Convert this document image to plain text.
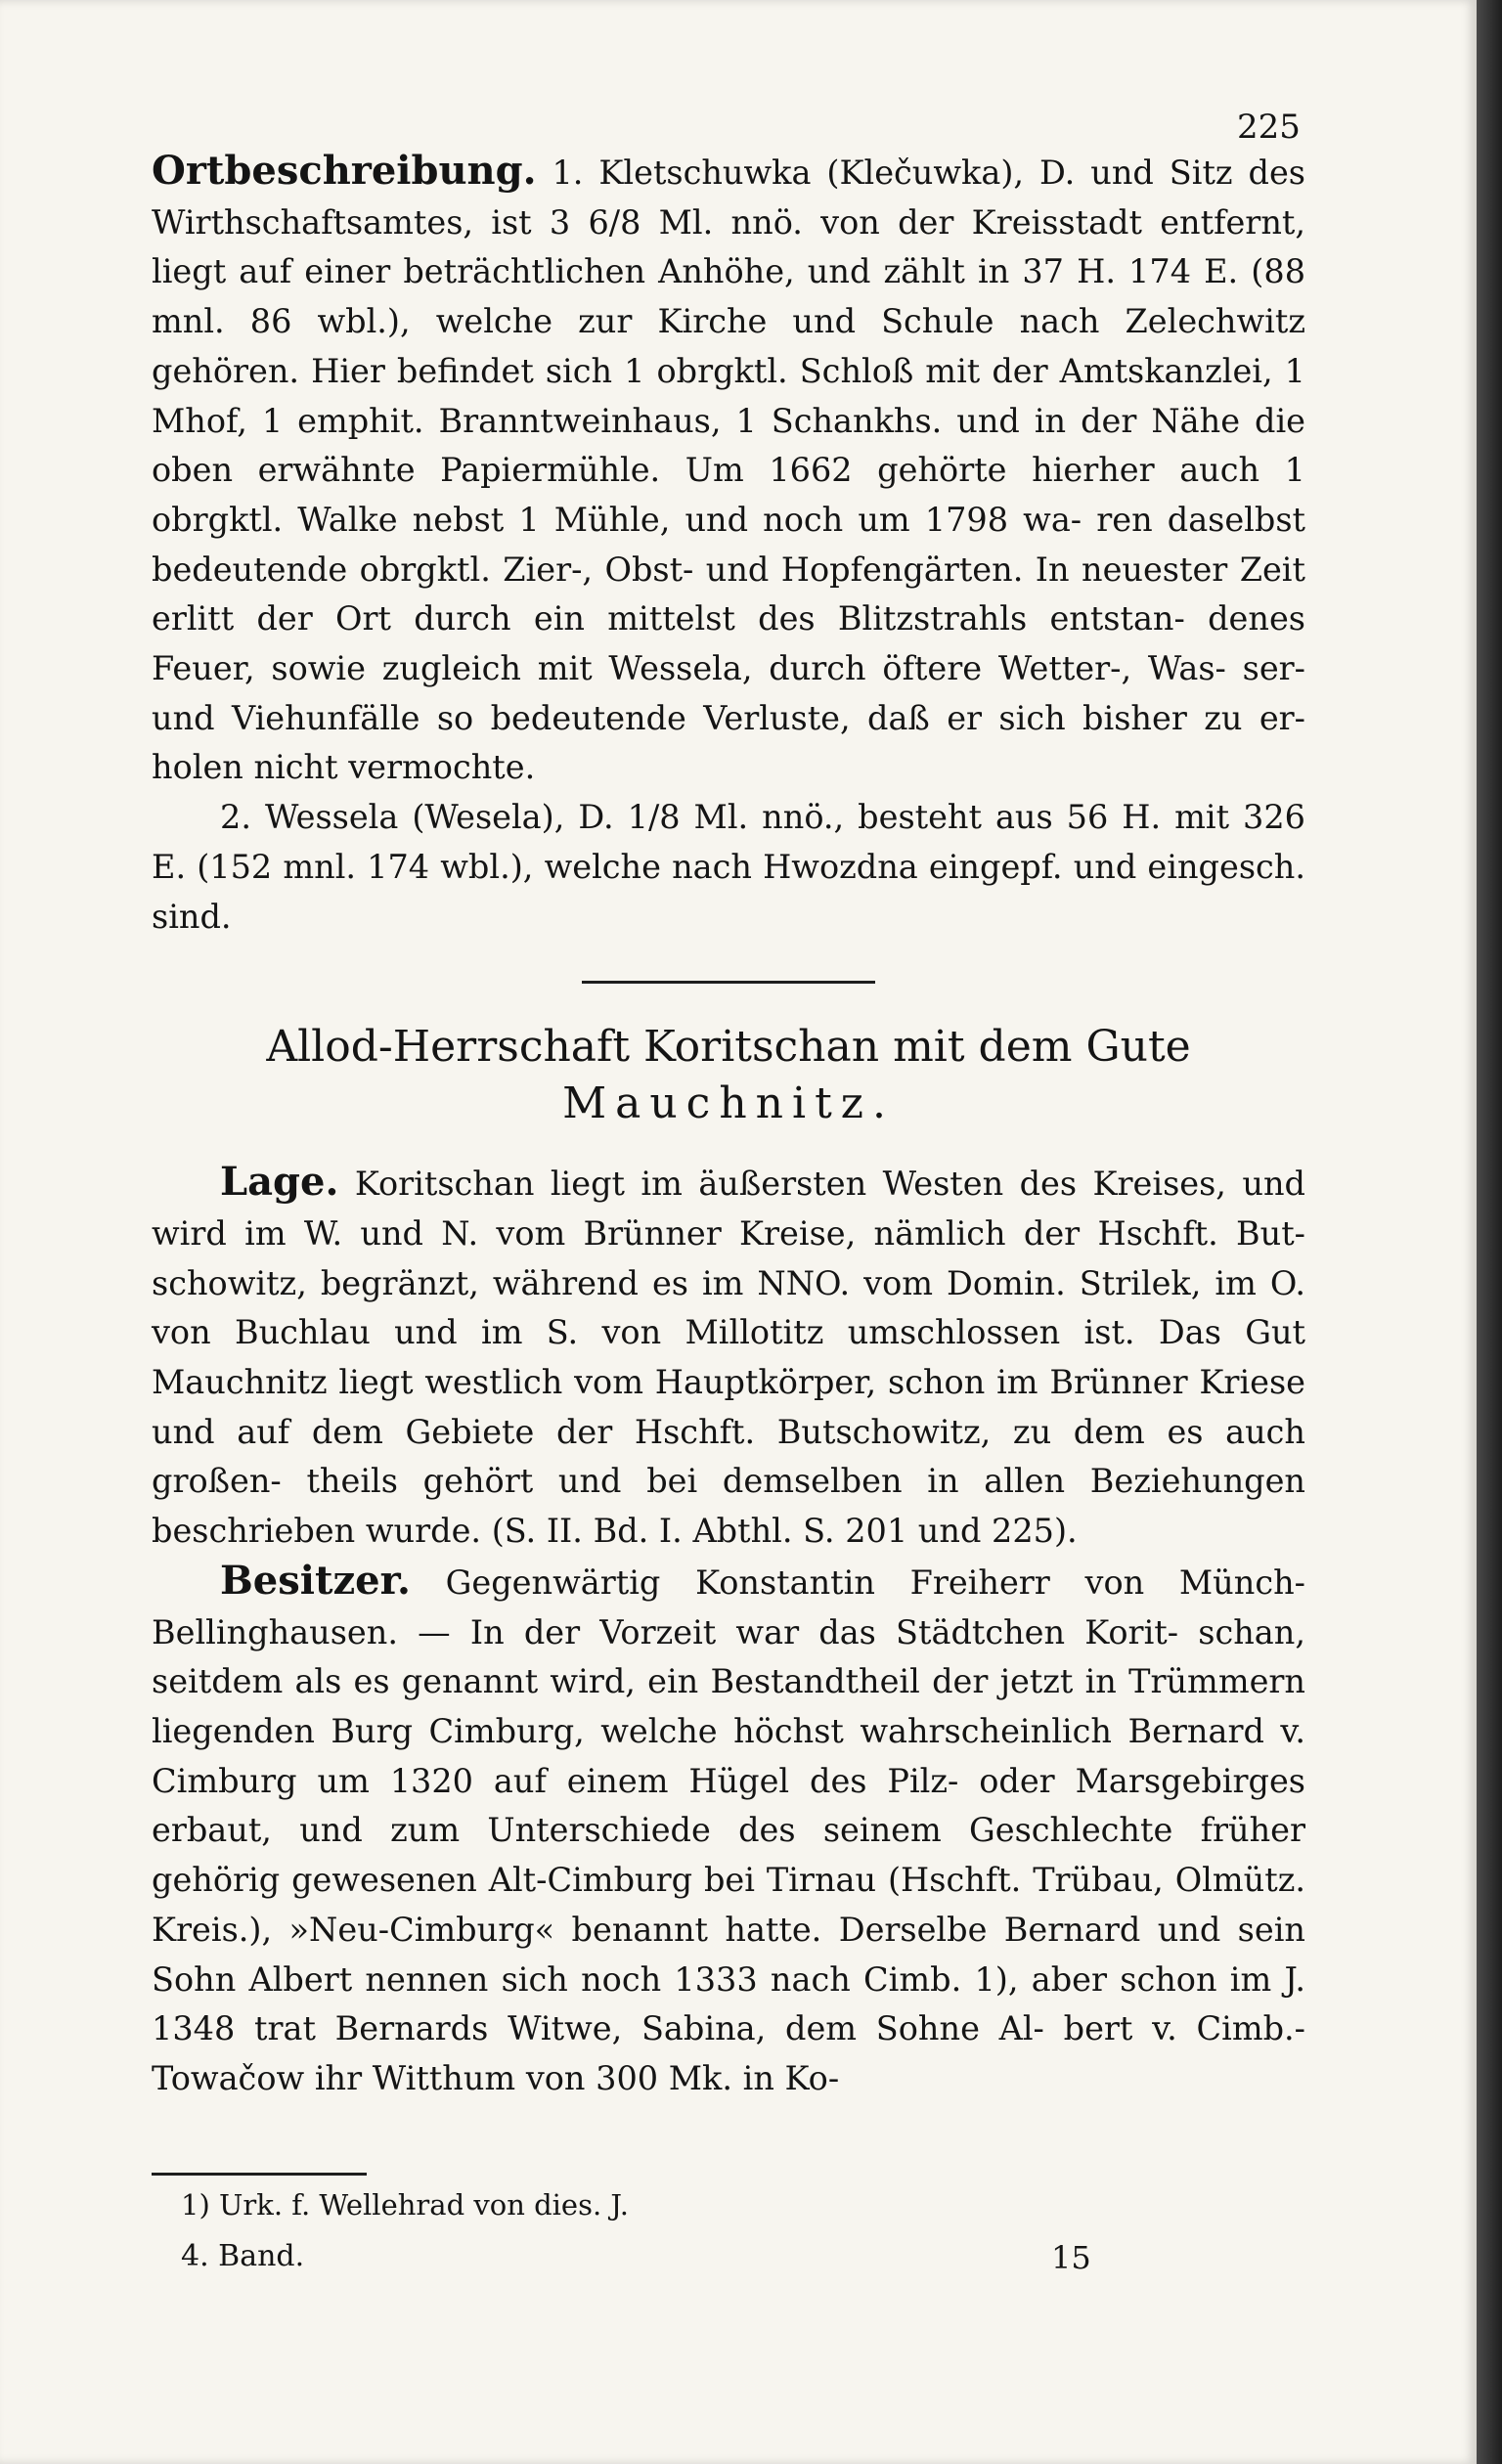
225

Ortbeschreibung. 1. Kletschuwka (Klečuwka), D. und Sitz des Wirthschaftsamtes, ist 3 6/8 Ml. nnö. von der Kreisstadt entfernt, liegt auf einer beträchtlichen Anhöhe, und zählt in 37 H. 174 E. (88 mnl. 86 wbl.), welche zur Kirche und Schule nach Zelechwitz gehören. Hier befindet sich 1 obrgktl. Schloß mit der Amtskanzlei, 1 Mhof, 1 emphit. Branntweinhaus, 1 Schankhs. und in der Nähe die oben erwähnte Papiermühle. Um 1662 gehörte hierher auch 1 obrgktl. Walke nebst 1 Mühle, und noch um 1798 wa- ren daselbst bedeutende obrgktl. Zier-, Obst- und Hopfengärten. In neuester Zeit erlitt der Ort durch ein mittelst des Blitzstrahls entstan- denes Feuer, sowie zugleich mit Wessela, durch öftere Wetter-, Was- ser- und Viehunfälle so bedeutende Verluste, daß er sich bisher zu er- holen nicht vermochte.

2. Wessela (Wesela), D. 1/8 Ml. nnö., besteht aus 56 H. mit 326 E. (152 mnl. 174 wbl.), welche nach Hwozdna eingepf. und eingesch. sind.

Allod-Herrschaft Koritschan mit dem Gute
Mauchnitz.

Lage. Koritschan liegt im äußersten Westen des Kreises, und wird im W. und N. vom Brünner Kreise, nämlich der Hschft. But- schowitz, begränzt, während es im NNO. vom Domin. Strilek, im O. von Buchlau und im S. von Millotitz umschlossen ist. Das Gut Mauchnitz liegt westlich vom Hauptkörper, schon im Brünner Kriese und auf dem Gebiete der Hschft. Butschowitz, zu dem es auch großen- theils gehört und bei demselben in allen Beziehungen beschrieben wurde. (S. II. Bd. I. Abthl. S. 201 und 225).

Besitzer. Gegenwärtig Konstantin Freiherr von Münch- Bellinghausen. — In der Vorzeit war das Städtchen Korit- schan, seitdem als es genannt wird, ein Bestandtheil der jetzt in Trümmern liegenden Burg Cimburg, welche höchst wahrscheinlich Bernard v. Cimburg um 1320 auf einem Hügel des Pilz- oder Marsgebirges erbaut, und zum Unterschiede des seinem Geschlechte früher gehörig gewesenen Alt-Cimburg bei Tirnau (Hschft. Trübau, Olmütz. Kreis.), »Neu-Cimburg« benannt hatte. Derselbe Bernard und sein Sohn Albert nennen sich noch 1333 nach Cimb. 1), aber schon im J. 1348 trat Bernards Witwe, Sabina, dem Sohne Al- bert v. Cimb.-Towačow ihr Witthum von 300 Mk. in Ko-

1) Urk. f. Wellehrad von dies. J.
4. Band.	15
